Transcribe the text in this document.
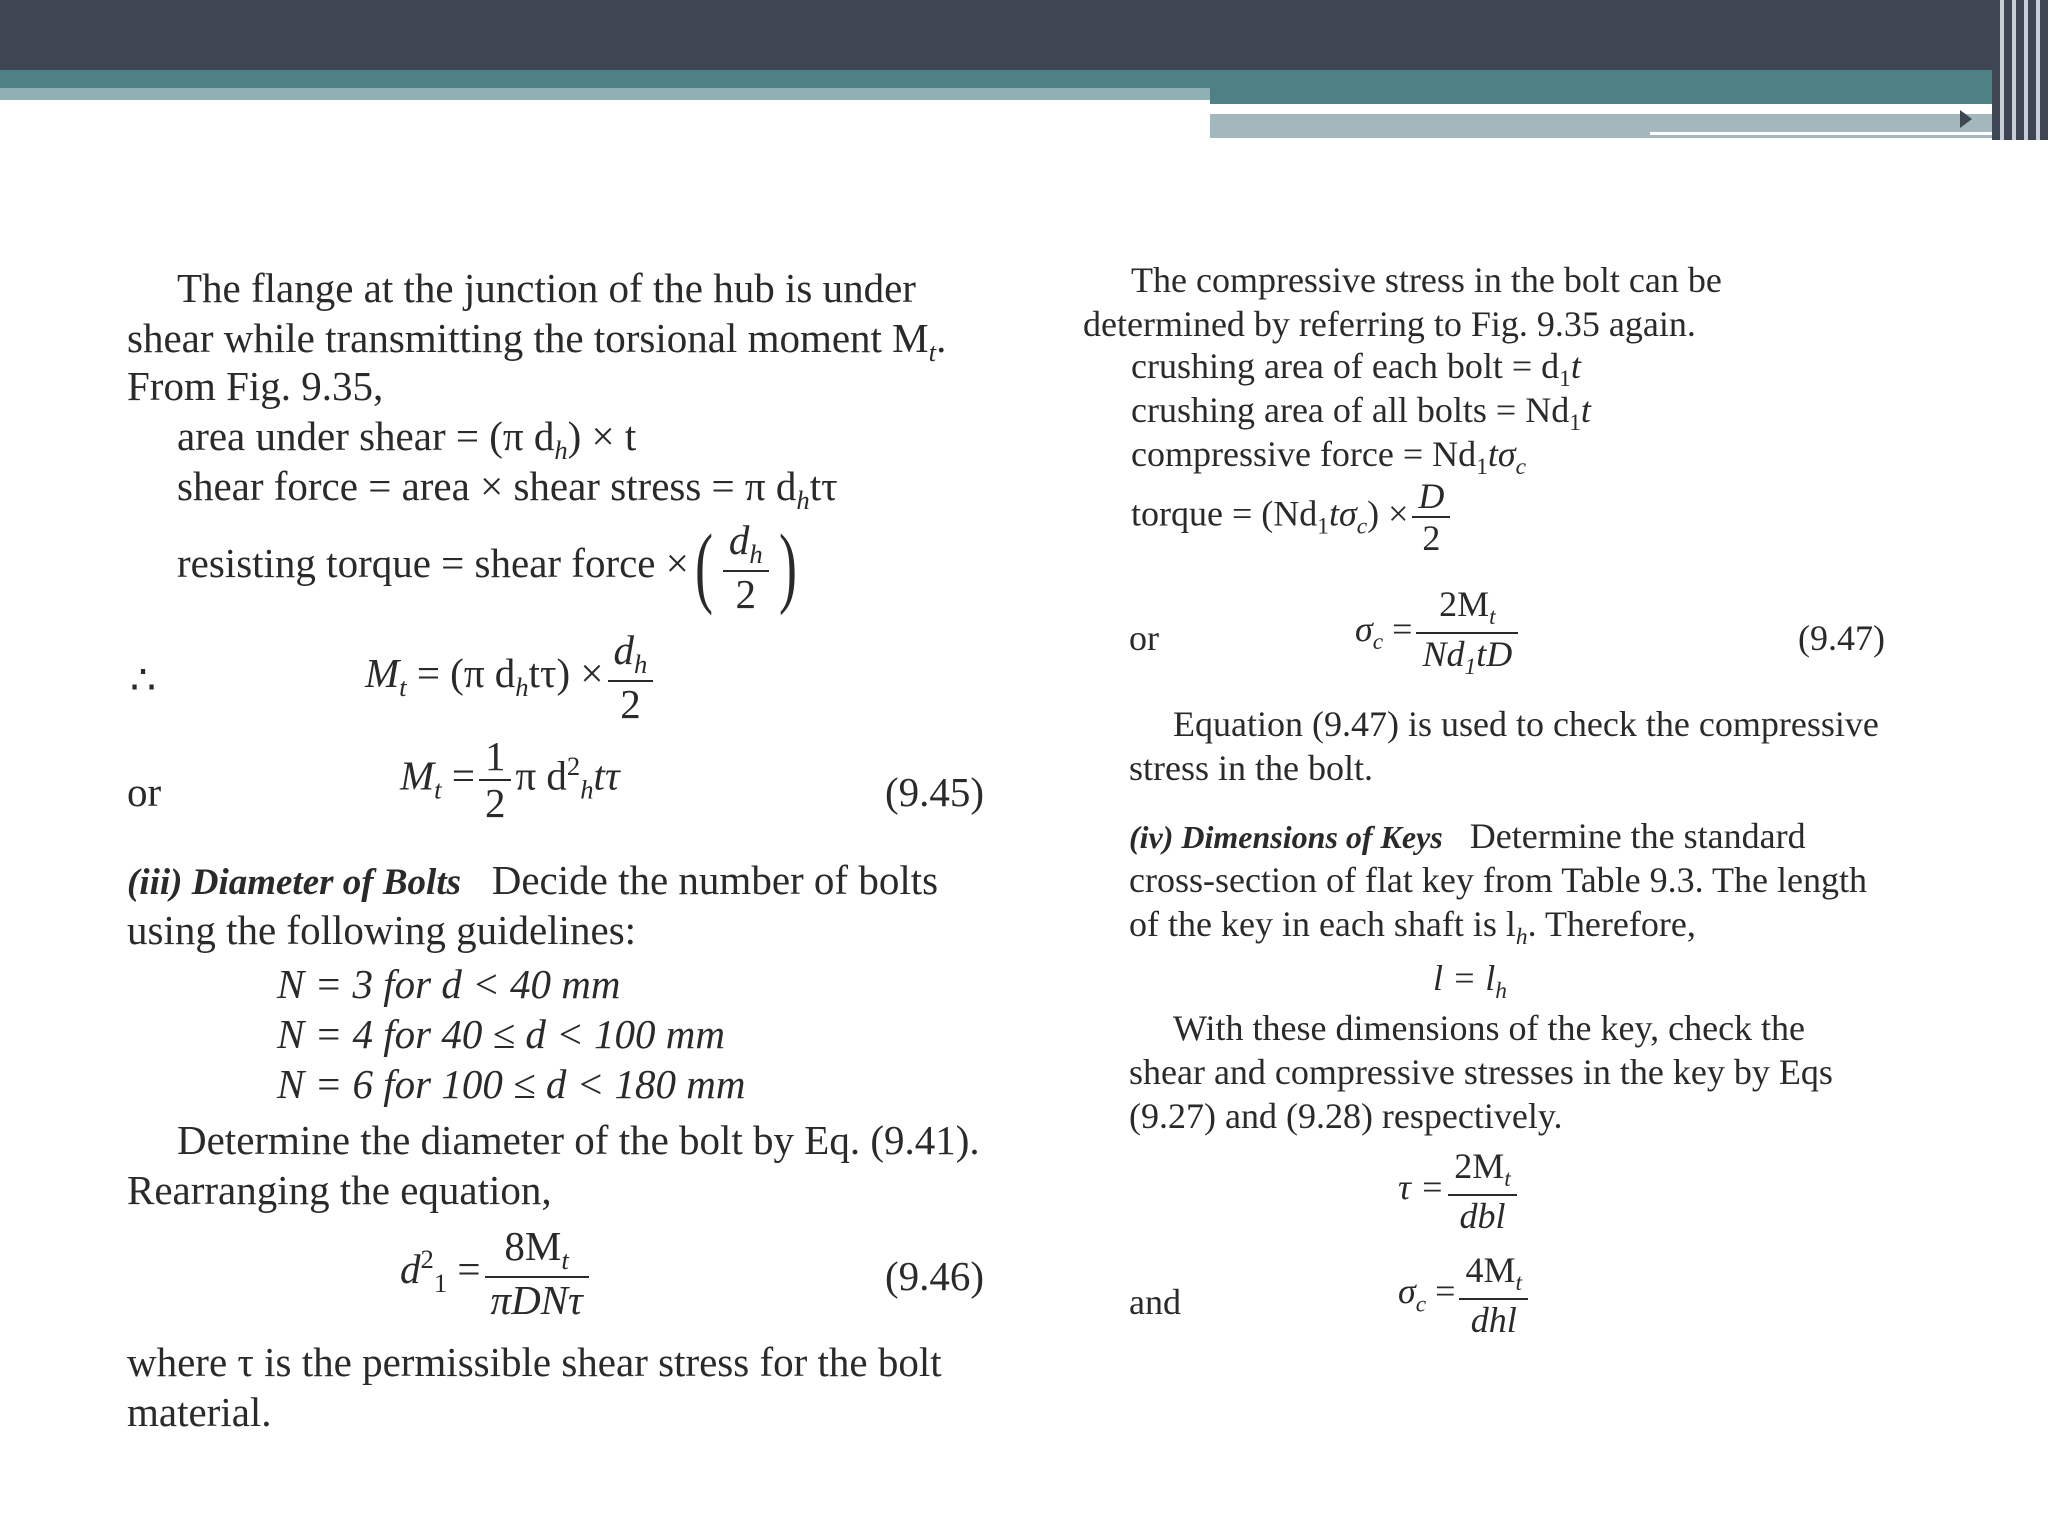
The flange at the junction of the hub is under
shear while transmitting the torsional moment $M_t$.
From Fig. 9.35,
area under shear = (π $d_h) \times t$
shear force = area × shear stress = π $d_ht\tau$
resisting torque = shear force ×( $\frac{d_h}{2}$ )
∴	$M_t = (\pi$ $d_ht\tau) \times \frac{d_h}{2}$
or	$M_t = \frac{1}{2}$ π $d^2_ht\tau$	(9.45)
(iii) Diameter of Bolts Decide the number of bolts
using the following guidelines:
N = 3 for d < 40 mm
N = 4 for 40 ≤ d < 100 mm
N = 6 for 100 ≤ d < 180 mm
Determine the diameter of the bolt by Eq. (9.41).
Rearranging the equation,
$d^2_1 = \frac{8M_t}{\text{πDNτ}}$	(9.46)
where τ is the permissible shear stress for the bolt
material.
The compressive stress in the bolt can be
determined by referring to Fig. 9.35 again.
crushing area of each bolt = $d_1t$
crushing area of all bolts = $Nd_1t$
compressive force = $Nd_1t\sigma_c$
torque = $(Nd_1t\sigma_c) \times \frac{D}{2}$
or	$\sigma_c = \frac{2M_t}{Nd_1tD}$	(9.47)
Equation (9.47) is used to check the compressive
stress in the bolt.
(iv) Dimensions of Keys Determine the standard
cross-section of flat key from Table 9.3. The length
of the key in each shaft is $l_h$. Therefore,
$l = l_h$
With these dimensions of the key, check the
shear and compressive stresses in the key by Eqs
(9.27) and (9.28) respectively.
$\tau = \frac{2M_t}{\text{dbl}}$
and	$\sigma_c = \frac{4M_t}{\text{dhl}}$
